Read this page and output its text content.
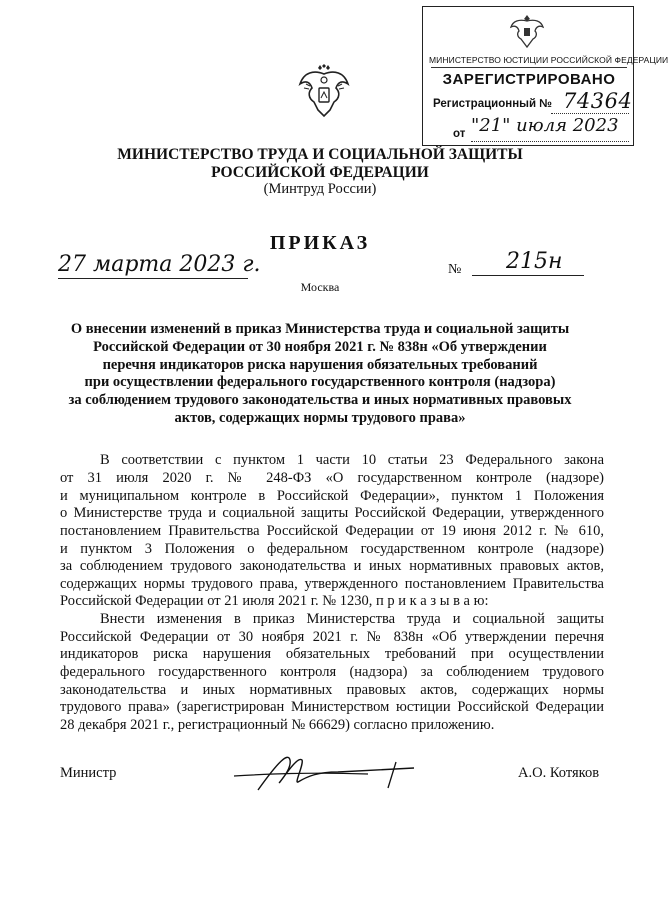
МИНИСТЕРСТВО ЮСТИЦИИ РОССИЙСКОЙ ФЕДЕРАЦИИ
ЗАРЕГИСТРИРОВАНО
Регистрационный № 74364
от "21" июля 2023
МИНИСТЕРСТВО ТРУДА И СОЦИАЛЬНОЙ ЗАЩИТЫ
РОССИЙСКОЙ ФЕДЕРАЦИИ
(Минтруд России)
ПРИКАЗ
27 марта 2023 г.	№ 215н
Москва
О внесении изменений в приказ Министерства труда и социальной защиты
Российской Федерации от 30 ноября 2021 г. № 838н «Об утверждении
перечня индикаторов риска нарушения обязательных требований
при осуществлении федерального государственного контроля (надзора)
за соблюдением трудового законодательства и иных нормативных правовых
актов, содержащих нормы трудового права»
В соответствии с пунктом 1 части 10 статьи 23 Федерального закона
от 31 июля 2020 г. № 248-ФЗ «О государственном контроле (надзоре)
и муниципальном контроле в Российской Федерации», пунктом 1 Положения
о Министерстве труда и социальной защиты Российской Федерации, утвержденного
постановлением Правительства Российской Федерации от 19 июня 2012 г. № 610,
и пунктом 3 Положения о федеральном государственном контроле (надзоре)
за соблюдением трудового законодательства и иных нормативных правовых актов,
содержащих нормы трудового права, утвержденного постановлением Правительства
Российской Федерации от 21 июля 2021 г. № 1230, п р и к а з ы в а ю:
Внести изменения в приказ Министерства труда и социальной защиты
Российской Федерации от 30 ноября 2021 г. № 838н «Об утверждении перечня
индикаторов риска нарушения обязательных требований при осуществлении
федерального государственного контроля (надзора) за соблюдением трудового
законодательства и иных нормативных правовых актов, содержащих нормы
трудового права» (зарегистрирован Министерством юстиции Российской Федерации
28 декабря 2021 г., регистрационный № 66629) согласно приложению.
Министр	А.О. Котяков
